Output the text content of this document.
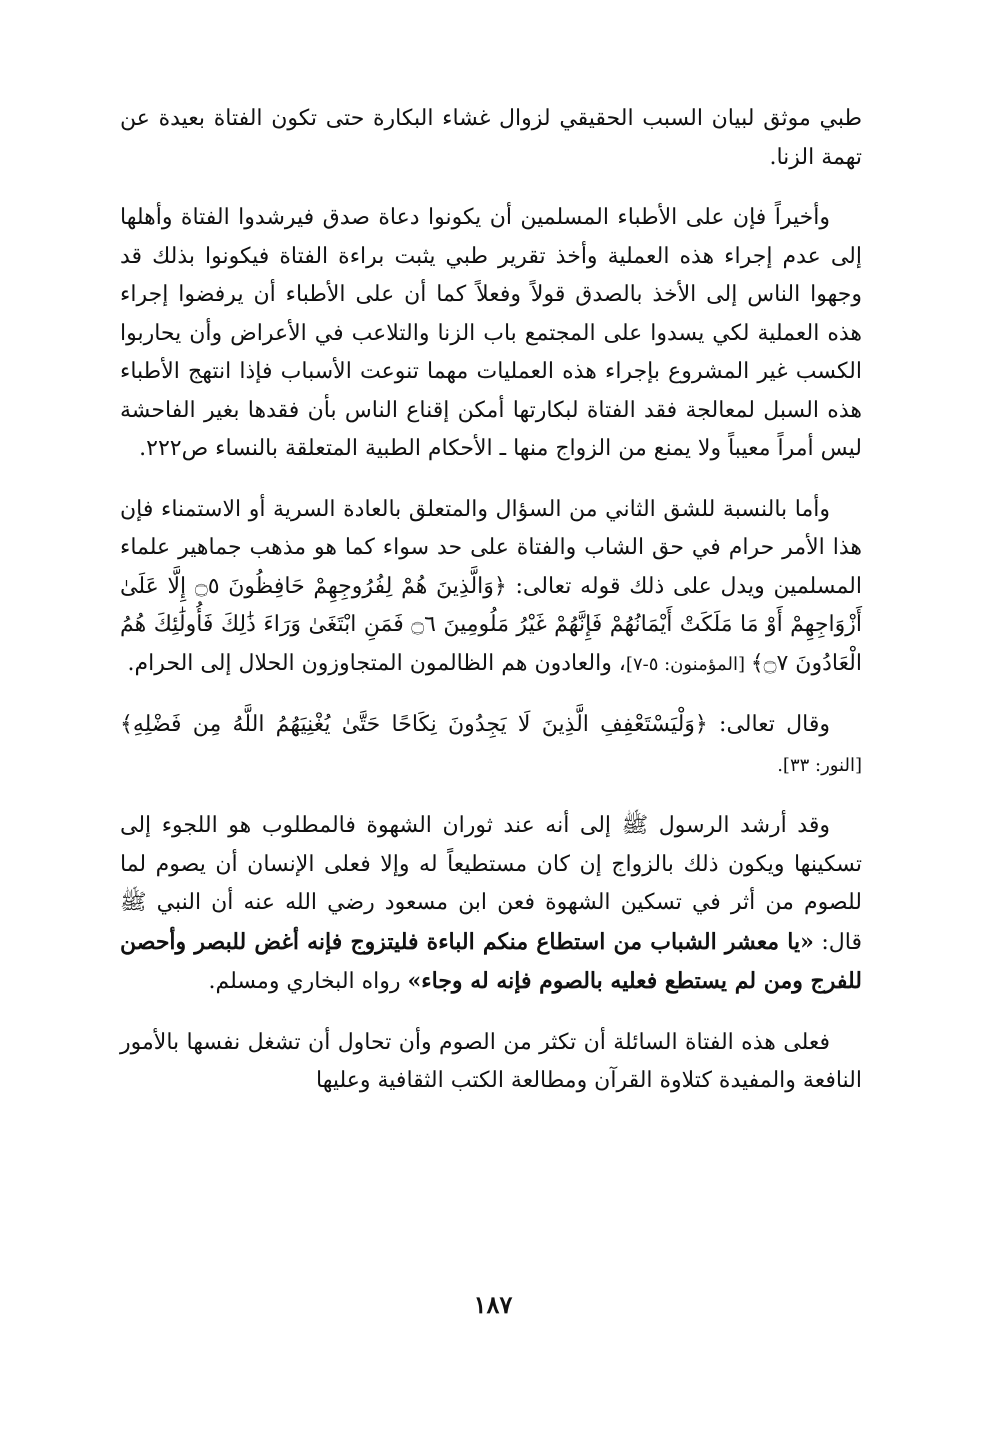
طبي موثق لبيان السبب الحقيقي لزوال غشاء البكارة حتى تكون الفتاة بعيدة عن تهمة الزنا.

وأخيراً فإن على الأطباء المسلمين أن يكونوا دعاة صدق فيرشدوا الفتاة وأهلها إلى عدم إجراء هذه العملية وأخذ تقرير طبي يثبت براءة الفتاة فيكونوا بذلك قد وجهوا الناس إلى الأخذ بالصدق قولاً وفعلاً كما أن على الأطباء أن يرفضوا إجراء هذه العملية لكي يسدوا على المجتمع باب الزنا والتلاعب في الأعراض وأن يحاربوا الكسب غير المشروع بإجراء هذه العمليات مهما تنوعت الأسباب فإذا انتهج الأطباء هذه السبل لمعالجة فقد الفتاة لبكارتها أمكن إقناع الناس بأن فقدها بغير الفاحشة ليس أمراً معيباً ولا يمنع من الزواج منها ـ الأحكام الطبية المتعلقة بالنساء ص٢٢٢.

وأما بالنسبة للشق الثاني من السؤال والمتعلق بالعادة السرية أو الاستمناء فإن هذا الأمر حرام في حق الشاب والفتاة على حد سواء كما هو مذهب جماهير علماء المسلمين ويدل على ذلك قوله تعالى: ﴿وَالَّذِينَ هُمْ لِفُرُوجِهِمْ حَافِظُونَ ۝٥ إِلَّا عَلَىٰ أَزْوَاجِهِمْ أَوْ مَا مَلَكَتْ أَيْمَانُهُمْ فَإِنَّهُمْ غَيْرُ مَلُومِينَ ۝٦ فَمَنِ ابْتَغَىٰ وَرَاءَ ذَٰلِكَ فَأُولَٰئِكَ هُمُ الْعَادُونَ ۝٧﴾ [المؤمنون: ٥-٧]، والعادون هم الظالمون المتجاوزون الحلال إلى الحرام.

وقال تعالى: ﴿وَلْيَسْتَعْفِفِ الَّذِينَ لَا يَجِدُونَ نِكَاحًا حَتَّىٰ يُغْنِيَهُمُ اللَّهُ مِن فَضْلِهِ﴾ [النور: ٣٣].

وقد أرشد الرسول ﷺ إلى أنه عند ثوران الشهوة فالمطلوب هو اللجوء إلى تسكينها ويكون ذلك بالزواج إن كان مستطيعاً له وإلا فعلى الإنسان أن يصوم لما للصوم من أثر في تسكين الشهوة فعن ابن مسعود رضي الله عنه أن النبي ﷺ قال: «يا معشر الشباب من استطاع منكم الباءة فليتزوج فإنه أغض للبصر وأحصن للفرج ومن لم يستطع فعليه بالصوم فإنه له وجاء» رواه البخاري ومسلم.

فعلى هذه الفتاة السائلة أن تكثر من الصوم وأن تحاول أن تشغل نفسها بالأمور النافعة والمفيدة كتلاوة القرآن ومطالعة الكتب الثقافية وعليها

١٨٧
